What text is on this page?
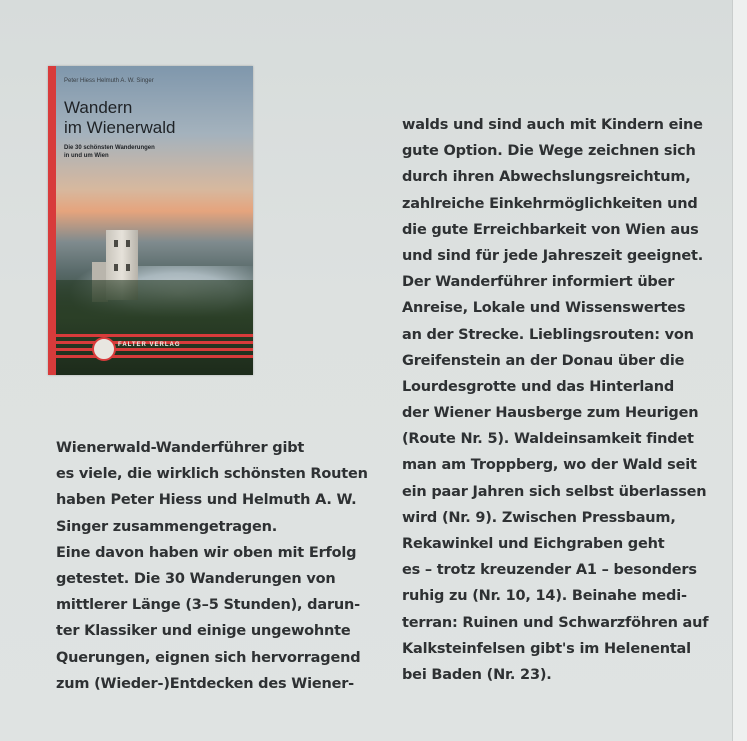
Peter Hiess Helmuth A. W. Singer
Wandern
im Wienerwald
Die 30 schönsten Wanderungen
in und um Wien
FALTER VERLAG
Wienerwald-Wanderführer gibt
es viele, die wirklich schönsten Routen
haben Peter Hiess und Helmuth A. W.
Singer zusammengetragen.
Eine davon haben wir oben mit Erfolg
getestet. Die 30 Wanderungen von
mittlerer Länge (3–5 Stunden), darun-
ter Klassiker und einige ungewohnte
Querungen, eignen sich hervorragend
zum (Wieder-)Entdecken des Wiener-
walds und sind auch mit Kindern eine
gute Option. Die Wege zeichnen sich
durch ihren Abwechslungsreichtum,
zahlreiche Einkehrmöglichkeiten und
die gute Erreichbarkeit von Wien aus
und sind für jede Jahreszeit geeignet.
Der Wanderführer informiert über
Anreise, Lokale und Wissenswertes
an der Strecke. Lieblingsrouten: von
Greifenstein an der Donau über die
Lourdesgrotte und das Hinterland
der Wiener Hausberge zum Heurigen
(Route Nr. 5). Waldeinsamkeit findet
man am Troppberg, wo der Wald seit
ein paar Jahren sich selbst überlassen
wird (Nr. 9). Zwischen Pressbaum,
Rekawinkel und Eichgraben geht
es – trotz kreuzender A1 – besonders
ruhig zu (Nr. 10, 14). Beinahe medi-
terran: Ruinen und Schwarzföhren auf
Kalksteinfelsen gibt's im Helenental
bei Baden (Nr. 23).
